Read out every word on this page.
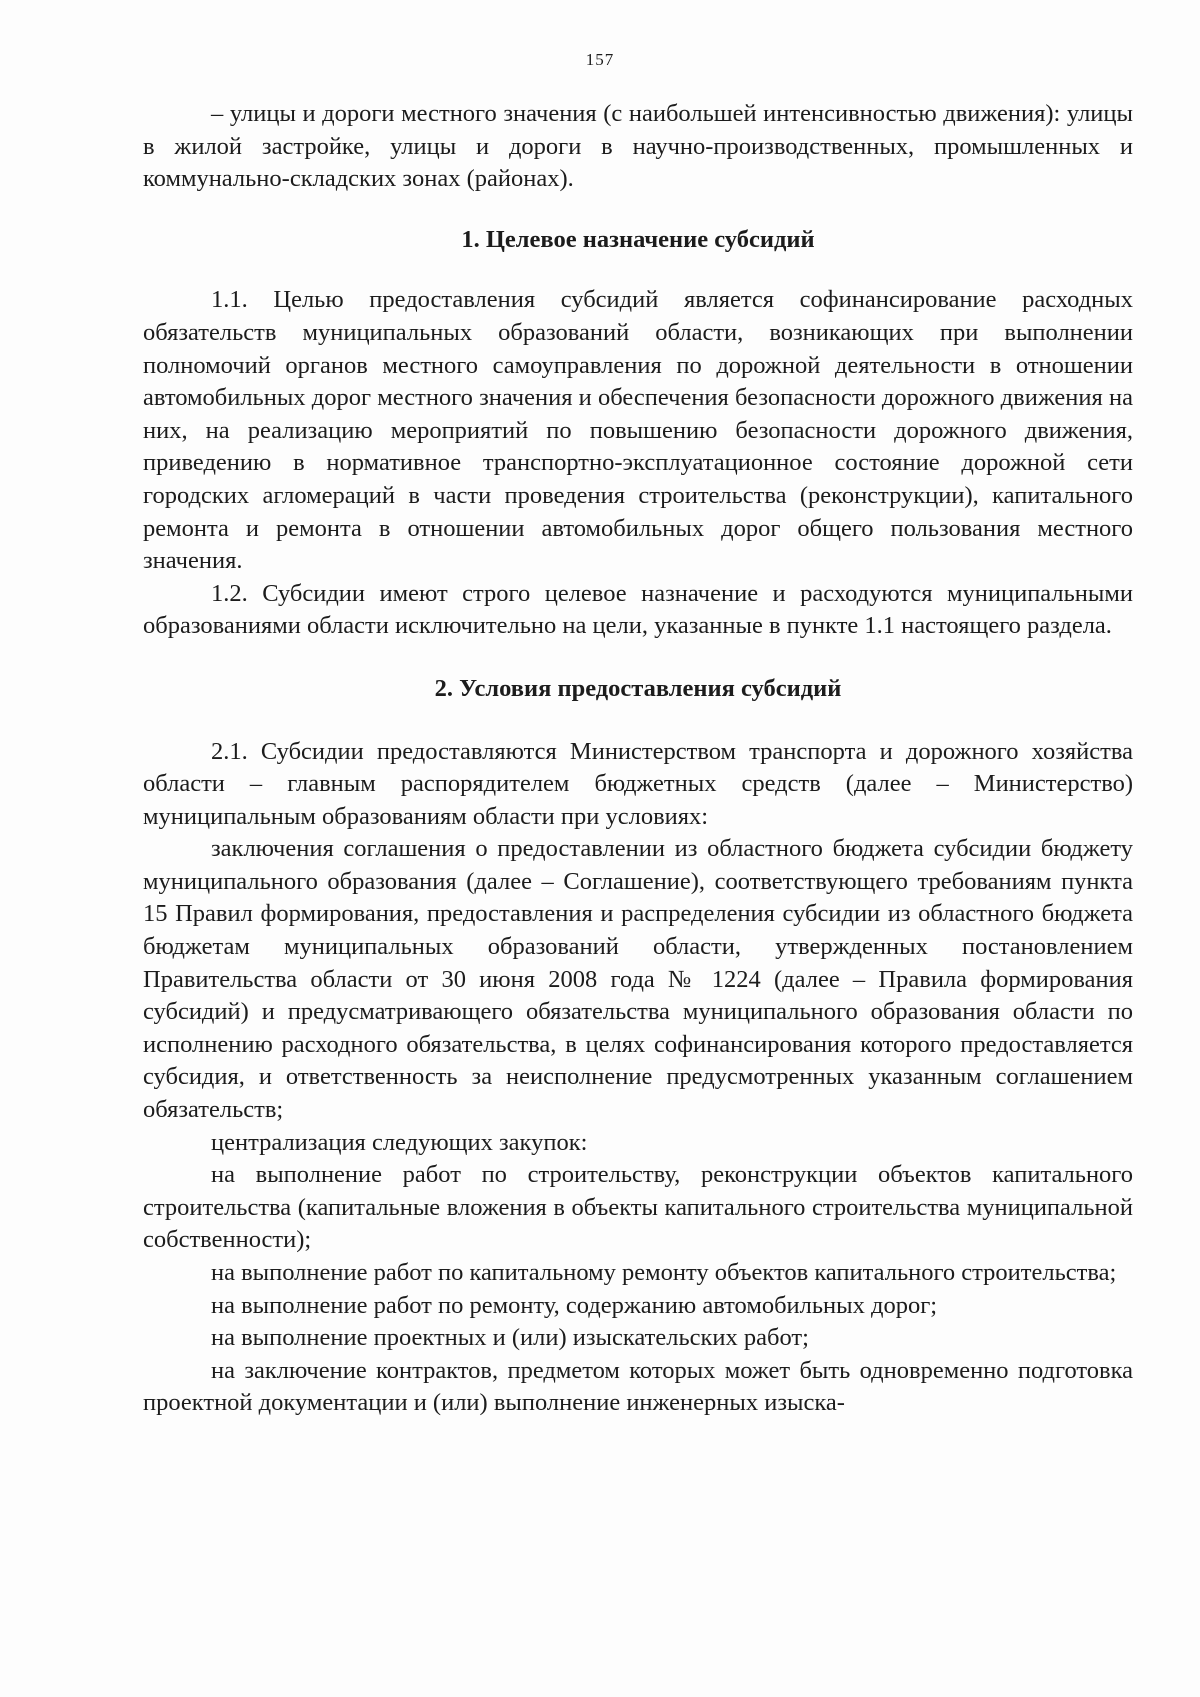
157

– улицы и дороги местного значения (с наибольшей интенсивностью движения): улицы в жилой застройке, улицы и дороги в научно-производственных, промышленных и коммунально-складских зонах (районах).

1. Целевое назначение субсидий

1.1. Целью предоставления субсидий является софинансирование расходных обязательств муниципальных образований области, возникающих при выполнении полномочий органов местного самоуправления по дорожной деятельности в отношении автомобильных дорог местного значения и обеспечения безопасности дорожного движения на них, на реализацию мероприятий по повышению безопасности дорожного движения, приведению в нормативное транспортно-эксплуатационное состояние дорожной сети городских агломераций в части проведения строительства (реконструкции), капитального ремонта и ремонта в отношении автомобильных дорог общего пользования местного значения.

1.2. Субсидии имеют строго целевое назначение и расходуются муниципальными образованиями области исключительно на цели, указанные в пункте 1.1 настоящего раздела.

2. Условия предоставления субсидий

2.1. Субсидии предоставляются Министерством транспорта и дорожного хозяйства области – главным распорядителем бюджетных средств (далее – Министерство) муниципальным образованиям области при условиях:

заключения соглашения о предоставлении из областного бюджета субсидии бюджету муниципального образования (далее – Соглашение), соответствующего требованиям пункта 15 Правил формирования, предоставления и распределения субсидии из областного бюджета бюджетам муниципальных образований области, утвержденных постановлением Правительства области от 30 июня 2008 года № 1224 (далее – Правила формирования субсидий) и предусматривающего обязательства муниципального образования области по исполнению расходного обязательства, в целях софинансирования которого предоставляется субсидия, и ответственность за неисполнение предусмотренных указанным соглашением обязательств;

централизация следующих закупок:

на выполнение работ по строительству, реконструкции объектов капитального строительства (капитальные вложения в объекты капитального строительства муниципальной собственности);

на выполнение работ по капитальному ремонту объектов капитального строительства;

на выполнение работ по ремонту, содержанию автомобильных дорог;

на выполнение проектных и (или) изыскательских работ;

на заключение контрактов, предметом которых может быть одновременно подготовка проектной документации и (или) выполнение инженерных изыска-
